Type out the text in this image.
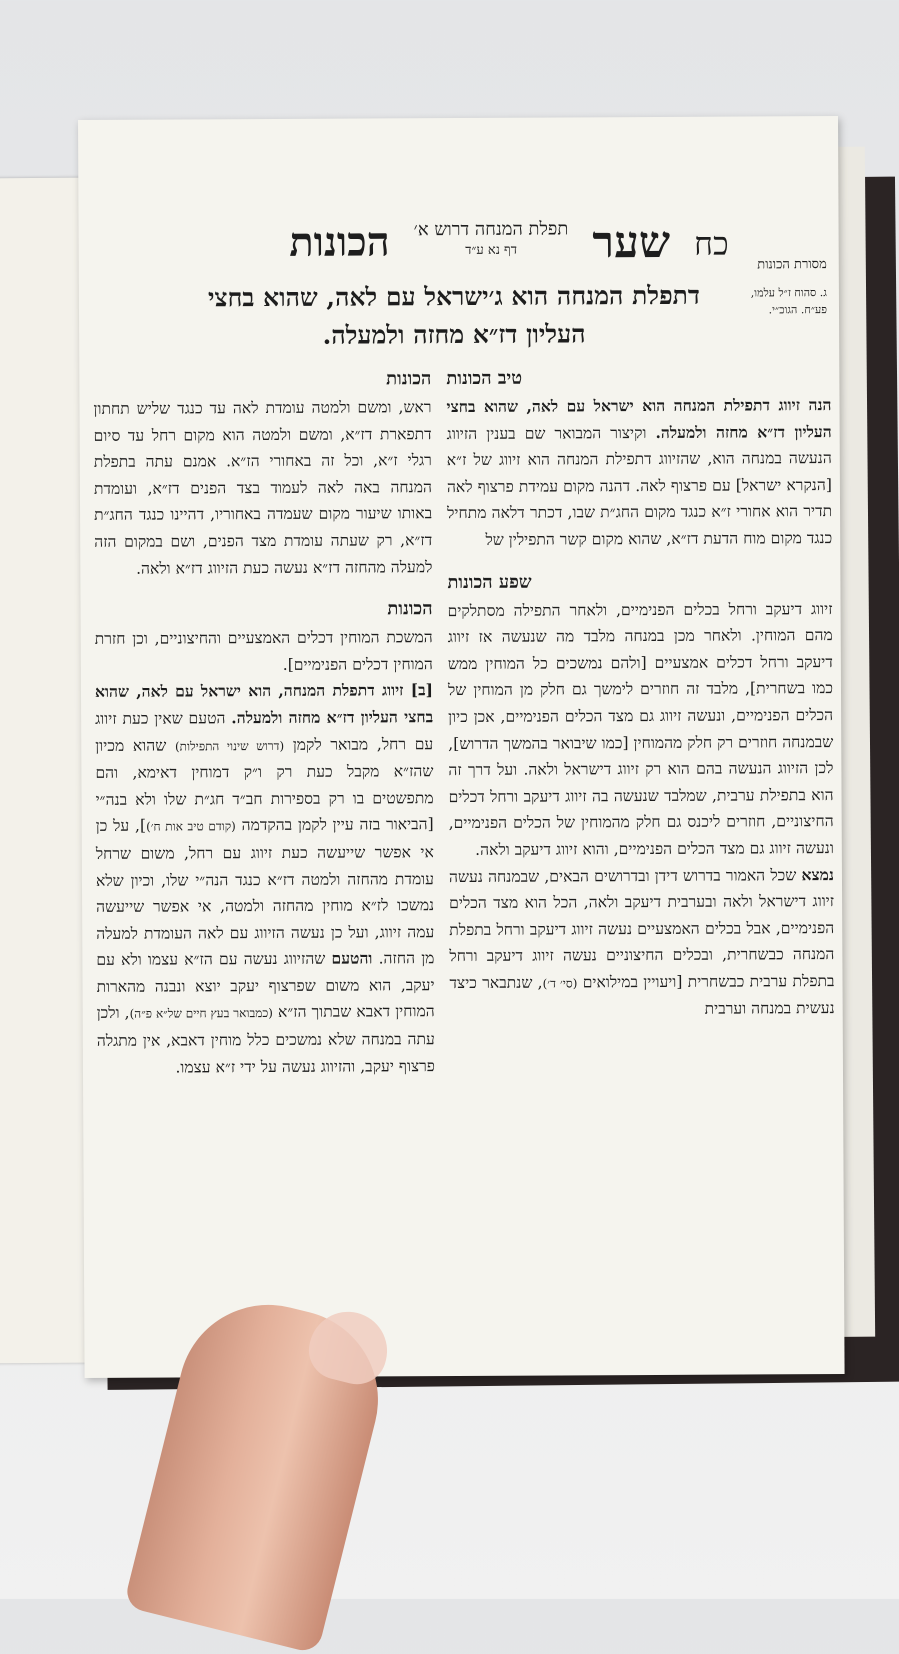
כח
שער
תפלת המנחה דרוש א׳
דף נא ע״ד
הכונות	מסורת הכונות
ג. סהוח ז״ל עלמו, פע״ח. הגוכ״י.
דתפלת המנחה הוא ג׳ישראל עם לאה, שהוא בחצי העליון דז״א מחזה ולמעלה.
טיב הכונות

הנה זיווג דתפילת המנחה הוא ישראל עם לאה, שהוא בחצי העליון דז״א מחזה ולמעלה. וקיצור המבואר שם בענין הזיווג הנעשה במנחה הוא, שהזיווג דתפילת המנחה הוא זיווג של ז״א [הנקרא ישראל] עם פרצוף לאה. דהנה מקום עמידת פרצוף לאה תדיר הוא אחורי ז״א כנגד מקום החג״ת שבו, דכתר דלאה מתחיל כנגד מקום מוח הדעת דז״א, שהוא מקום קשר התפילין של

שפע הכונות

זיווג דיעקב ורחל בכלים הפנימיים, ולאחר התפילה מסתלקים מהם המוחין. ולאחר מכן במנחה מלבד מה שנעשה אז זיווג דיעקב ורחל דכלים אמצעיים [ולהם נמשכים כל המוחין ממש כמו בשחרית], מלבד זה חוזרים לימשך גם חלק מן המוחין של הכלים הפנימיים, ונעשה זיווג גם מצד הכלים הפנימיים, אכן כיון שבמנחה חוזרים רק חלק מהמוחין [כמו שיבואר בהמשך הדרוש], לכן הזיווג הנעשה בהם הוא רק זיווג דישראל ולאה. ועל דרך זה הוא בתפילת ערבית, שמלבד שנעשה בה זיווג דיעקב ורחל דכלים החיצוניים, חוזרים ליכנס גם חלק מהמוחין של הכלים הפנימיים, ונעשה זיווג גם מצד הכלים הפנימיים, והוא זיווג דיעקב ולאה.

נמצא שכל האמור בדרוש דידן ובדרושים הבאים, שבמנחה נעשה זיווג דישראל ולאה ובערבית דיעקב ולאה, הכל הוא מצד הכלים הפנימיים, אבל בכלים האמצעיים נעשה זיווג דיעקב ורחל בתפלת המנחה כבשחרית, ובכלים החיצוניים נעשה זיווג דיעקב ורחל בתפלת ערבית כבשחרית [ויעויין במילואים (סי׳ ד׳), שנתבאר כיצד נעשית במנחה וערבית

הכונות

ראש, ומשם ולמטה עומדת לאה עד כנגד שליש תחתון דתפארת דז״א, ומשם ולמטה הוא מקום רחל עד סיום רגלי ז״א, וכל זה באחורי הז״א. אמנם עתה בתפלת המנחה באה לאה לעמוד בצד הפנים דז״א, ועומדת באותו שיעור מקום שעמדה באחוריו, דהיינו כנגד החג״ת דז״א, רק שעתה עומדת מצד הפנים, ושם במקום הזה למעלה מהחזה דז״א נעשה כעת הזיווג דז״א ולאה.

הכונות

המשכת המוחין דכלים האמצעיים והחיצוניים, וכן חזרת המוחין דכלים הפנימיים].

[ב] זיווג דתפלת המנחה, הוא ישראל עם לאה, שהוא בחצי העליון דז״א מחזה ולמעלה. הטעם שאין כעת זיווג עם רחל, מבואר לקמן (דרוש שינוי התפילות) שהוא מכיון שהז״א מקבל כעת רק ו״ק דמוחין דאימא, והם מתפשטים בו רק בספירות חב״ד חג״ת שלו ולא בנה״י [הביאור בזה עיין לקמן בהקדמה (קודם טיב אות ח׳)], על כן אי אפשר שייעשה כעת זיווג עם רחל, משום שרחל עומדת מהחזה ולמטה דז״א כנגד הנה״י שלו, וכיון שלא נמשכו לז״א מוחין מהחזה ולמטה, אי אפשר שייעשה עמה זיווג, ועל כן נעשה הזיווג עם לאה העומדת למעלה מן החזה. והטעם שהזיווג נעשה עם הז״א עצמו ולא עם יעקב, הוא משום שפרצוף יעקב יוצא ונבנה מהארות המוחין דאבא שבתוך הז״א (כמבואר בעץ חיים של״א פ״ה), ולכן עתה במנחה שלא נמשכים כלל מוחין דאבא, אין מתגלה פרצוף יעקב, והזיווג נעשה על ידי ז״א עצמו.
